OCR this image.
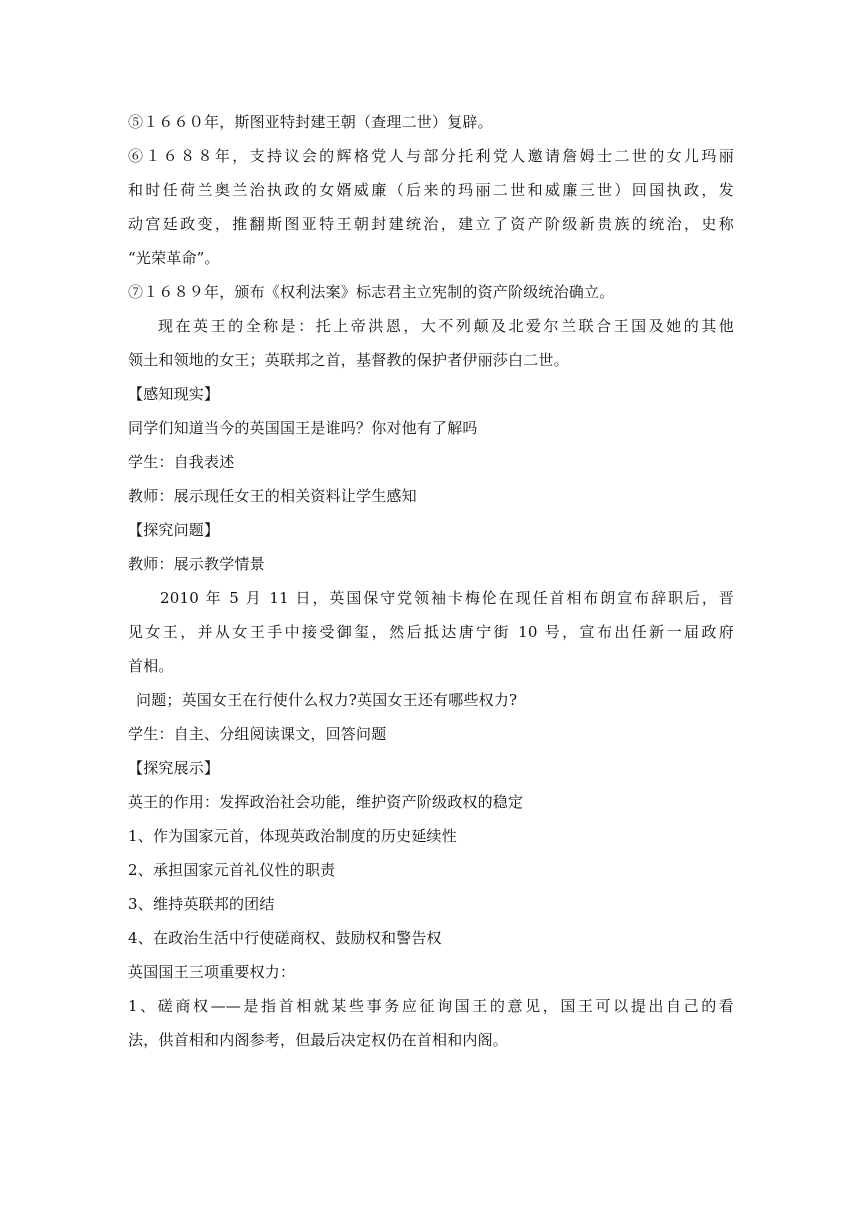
⑤１６６０年，斯图亚特封建王朝（查理二世）复辟。

⑥１６８８年，支持议会的辉格党人与部分托利党人邀请詹姆士二世的女儿玛丽

和时任荷兰奥兰治执政的女婿威廉（后来的玛丽二世和威廉三世）回国执政，发

动宫廷政变，推翻斯图亚特王朝封建统治，建立了资产阶级新贵族的统治，史称

“光荣革命”。

⑦１６８９年，颁布《权利法案》标志君主立宪制的资产阶级统治确立。

现在英王的全称是：托上帝洪恩，大不列颠及北爱尔兰联合王国及她的其他

领土和领地的女王；英联邦之首，基督教的保护者伊丽莎白二世。

【感知现实】

同学们知道当今的英国国王是谁吗？你对他有了解吗

学生：自我表述

教师：展示现任女王的相关资料让学生感知

【探究问题】

教师：展示教学情景

2010 年 5 月 11 日，英国保守党领袖卡梅伦在现任首相布朗宣布辞职后，晋

见女王，并从女王手中接受御玺，然后抵达唐宁街 10 号，宣布出任新一届政府

首相。

问题；英国女王在行使什么权力?英国女王还有哪些权力?

学生：自主、分组阅读课文，回答问题

【探究展示】

英王的作用：发挥政治社会功能，维护资产阶级政权的稳定

1、作为国家元首，体现英政治制度的历史延续性

2、承担国家元首礼仪性的职责

3、维持英联邦的团结

4、在政治生活中行使磋商权、鼓励权和警告权

英国国王三项重要权力：

1、磋商权——是指首相就某些事务应征询国王的意见，国王可以提出自己的看

法，供首相和内阁参考，但最后决定权仍在首相和内阁。
